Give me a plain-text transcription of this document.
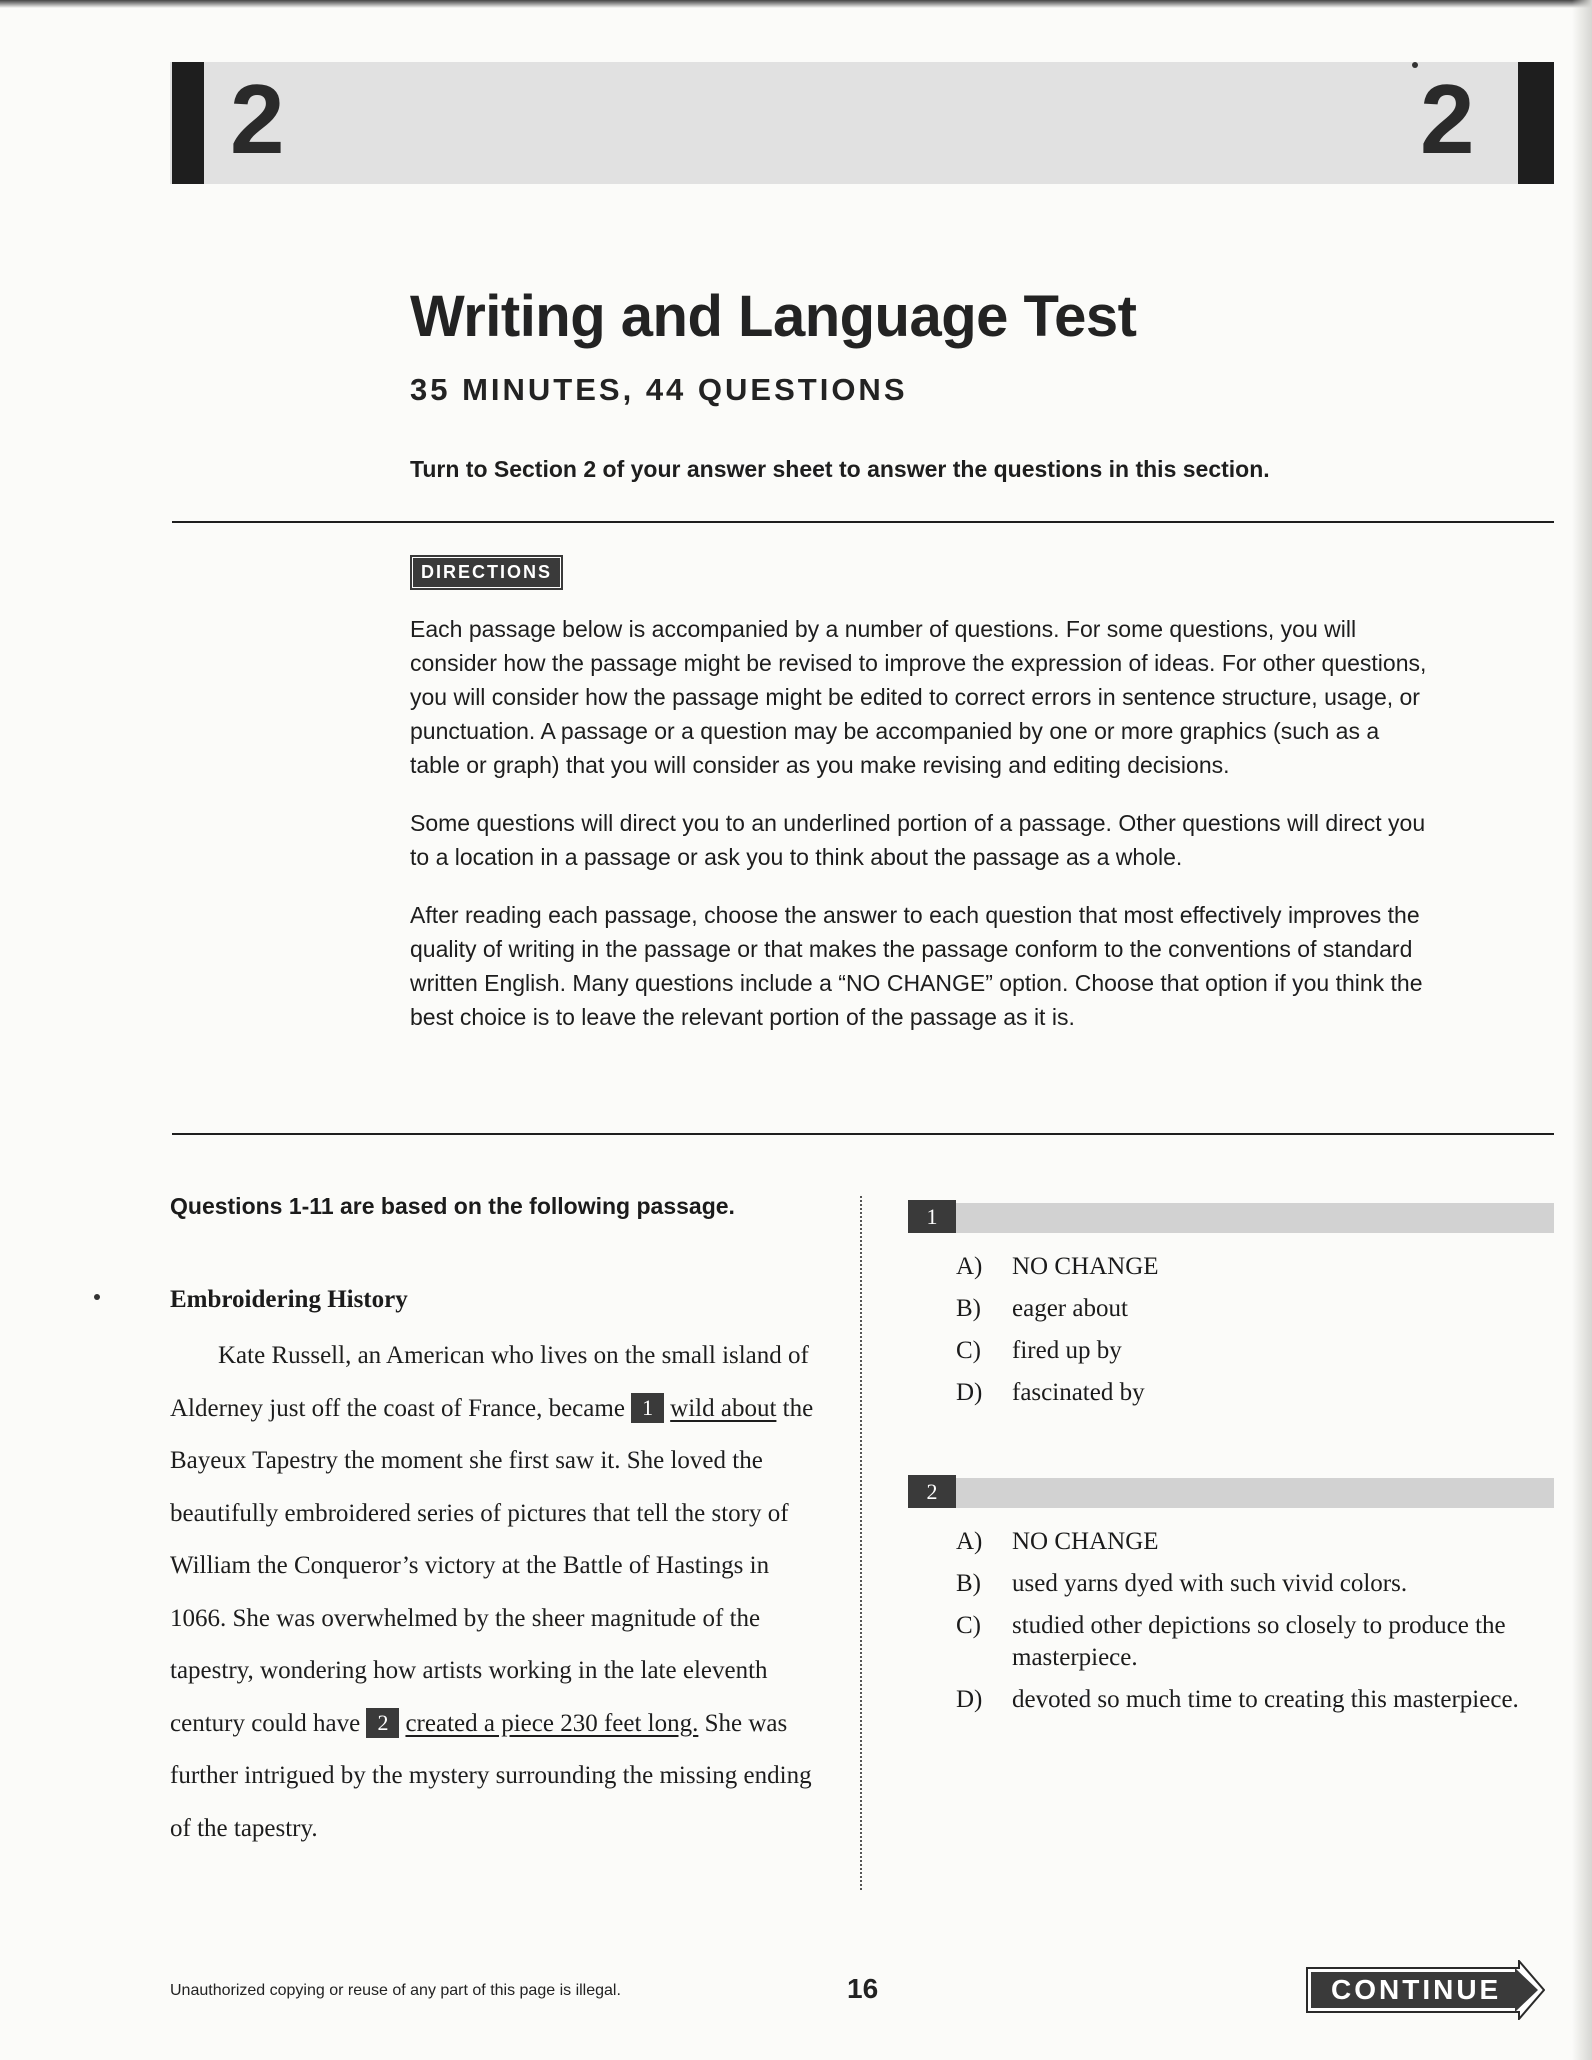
2	2
Writing and Language Test
35 MINUTES, 44 QUESTIONS

Turn to Section 2 of your answer sheet to answer the questions in this section.

DIRECTIONS

Each passage below is accompanied by a number of questions. For some questions, you will consider how the passage might be revised to improve the expression of ideas. For other questions, you will consider how the passage might be edited to correct errors in sentence structure, usage, or punctuation. A passage or a question may be accompanied by one or more graphics (such as a table or graph) that you will consider as you make revising and editing decisions.

Some questions will direct you to an underlined portion of a passage. Other questions will direct you to a location in a passage or ask you to think about the passage as a whole.

After reading each passage, choose the answer to each question that most effectively improves the quality of writing in the passage or that makes the passage conform to the conventions of standard written English. Many questions include a “NO CHANGE” option. Choose that option if you think the best choice is to leave the relevant portion of the passage as it is.

Questions 1-11 are based on the following passage.

Embroidering History

Kate Russell, an American who lives on the small island of Alderney just off the coast of France, became 1 wild about the Bayeux Tapestry the moment she first saw it. She loved the beautifully embroidered series of pictures that tell the story of William the Conqueror’s victory at the Battle of Hastings in 1066. She was overwhelmed by the sheer magnitude of the tapestry, wondering how artists working in the late eleventh century could have 2 created a piece 230 feet long. She was further intrigued by the mystery surrounding the missing ending of the tapestry.

1
A)	NO CHANGE
B)	eager about
C)	fired up by
D)	fascinated by
2
A)	NO CHANGE
B)	used yarns dyed with such vivid colors.
C)	studied other depictions so closely to produce the masterpiece.
D)	devoted so much time to creating this masterpiece.
Unauthorized copying or reuse of any part of this page is illegal.	16	CONTINUE
